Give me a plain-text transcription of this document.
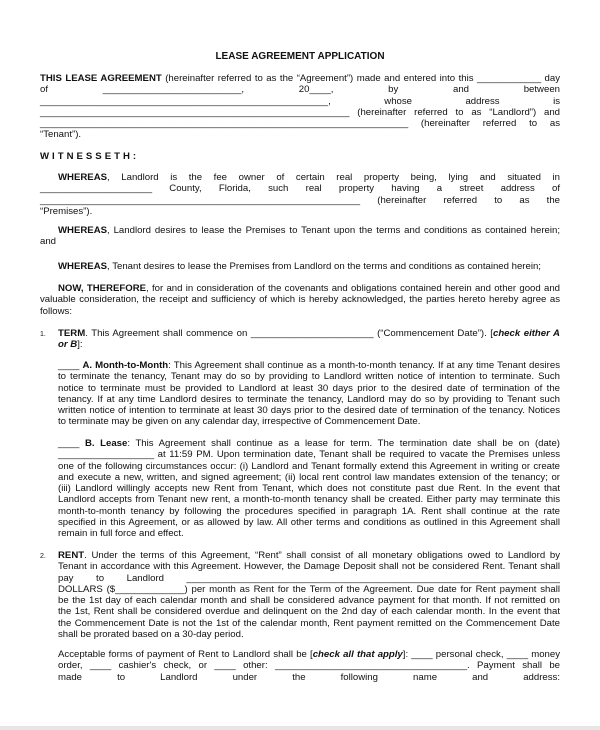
LEASE AGREEMENT APPLICATION
WITNESSETH:
1.
2.
THIS LEASE AGREEMENT (hereinafter referred to as the “Agreement”) made and entered into this ____________ day
of __________________________, 20____, by and between
______________________________________________________, whose address is
__________________________________________________________ (hereinafter referred to as “Landlord”) and
_____________________________________________________________________ (hereinafter referred to as
“Tenant”).
WHEREAS, Landlord is the fee owner of certain real property being, lying and situated in
_____________________ County, Florida, such real property having a street address of
____________________________________________________________ (hereinafter referred to as the
“Premises”).
WHEREAS, Landlord desires to lease the Premises to Tenant upon the terms and conditions as contained herein;
and
WHEREAS, Tenant desires to lease the Premises from Landlord on the terms and conditions as contained herein;
NOW, THEREFORE, for and in consideration of the covenants and obligations contained herein and other good and
valuable consideration, the receipt and sufficiency of which is hereby acknowledged, the parties hereto hereby agree as
follows:
TERM. This Agreement shall commence on _______________________ (“Commencement Date”). [check either A
or B]:
____ A. Month-to-Month: This Agreement shall continue as a month-to-month tenancy. If at any time Tenant desires
to terminate the tenancy, Tenant may do so by providing to Landlord written notice of intention to terminate. Such
notice to terminate must be provided to Landlord at least 30 days prior to the desired date of termination of the
tenancy. If at any time Landlord desires to terminate the tenancy, Landlord may do so by providing to Tenant such
written notice of intention to terminate at least 30 days prior to the desired date of termination of the tenancy. Notices
to terminate may be given on any calendar day, irrespective of Commencement Date.
____ B. Lease: This Agreement shall continue as a lease for term. The termination date shall be on (date)
__________________ at 11:59 PM. Upon termination date, Tenant shall be required to vacate the Premises unless
one of the following circumstances occur: (i) Landlord and Tenant formally extend this Agreement in writing or create
and execute a new, written, and signed agreement; (ii) local rent control law mandates extension of the tenancy; or
(iii) Landlord willingly accepts new Rent from Tenant, which does not constitute past due Rent. In the event that
Landlord accepts from Tenant new rent, a month-to-month tenancy shall be created. Either party may terminate this
month-to-month tenancy by following the procedures specified in paragraph 1A. Rent shall continue at the rate
specified in this Agreement, or as allowed by law. All other terms and conditions as outlined in this Agreement shall
remain in full force and effect.
RENT. Under the terms of this Agreement, “Rent” shall consist of all monetary obligations owed to Landlord by
Tenant in accordance with this Agreement. However, the Damage Deposit shall not be considered Rent. Tenant shall
pay to Landlord ______________________________________________________________________
DOLLARS ($_____________) per month as Rent for the Term of the Agreement. Due date for Rent payment shall
be the 1st day of each calendar month and shall be considered advance payment for that month. If not remitted on
the 1st, Rent shall be considered overdue and delinquent on the 2nd day of each calendar month. In the event that
the Commencement Date is not the 1st of the calendar month, Rent payment remitted on the Commencement Date
shall be prorated based on a 30-day period.
Acceptable forms of payment of Rent to Landlord shall be [check all that apply]: ____ personal check, ____ money
order, ____ cashier's check, or ____ other: ____________________________________. Payment shall be
made to Landlord under the following name and address:
